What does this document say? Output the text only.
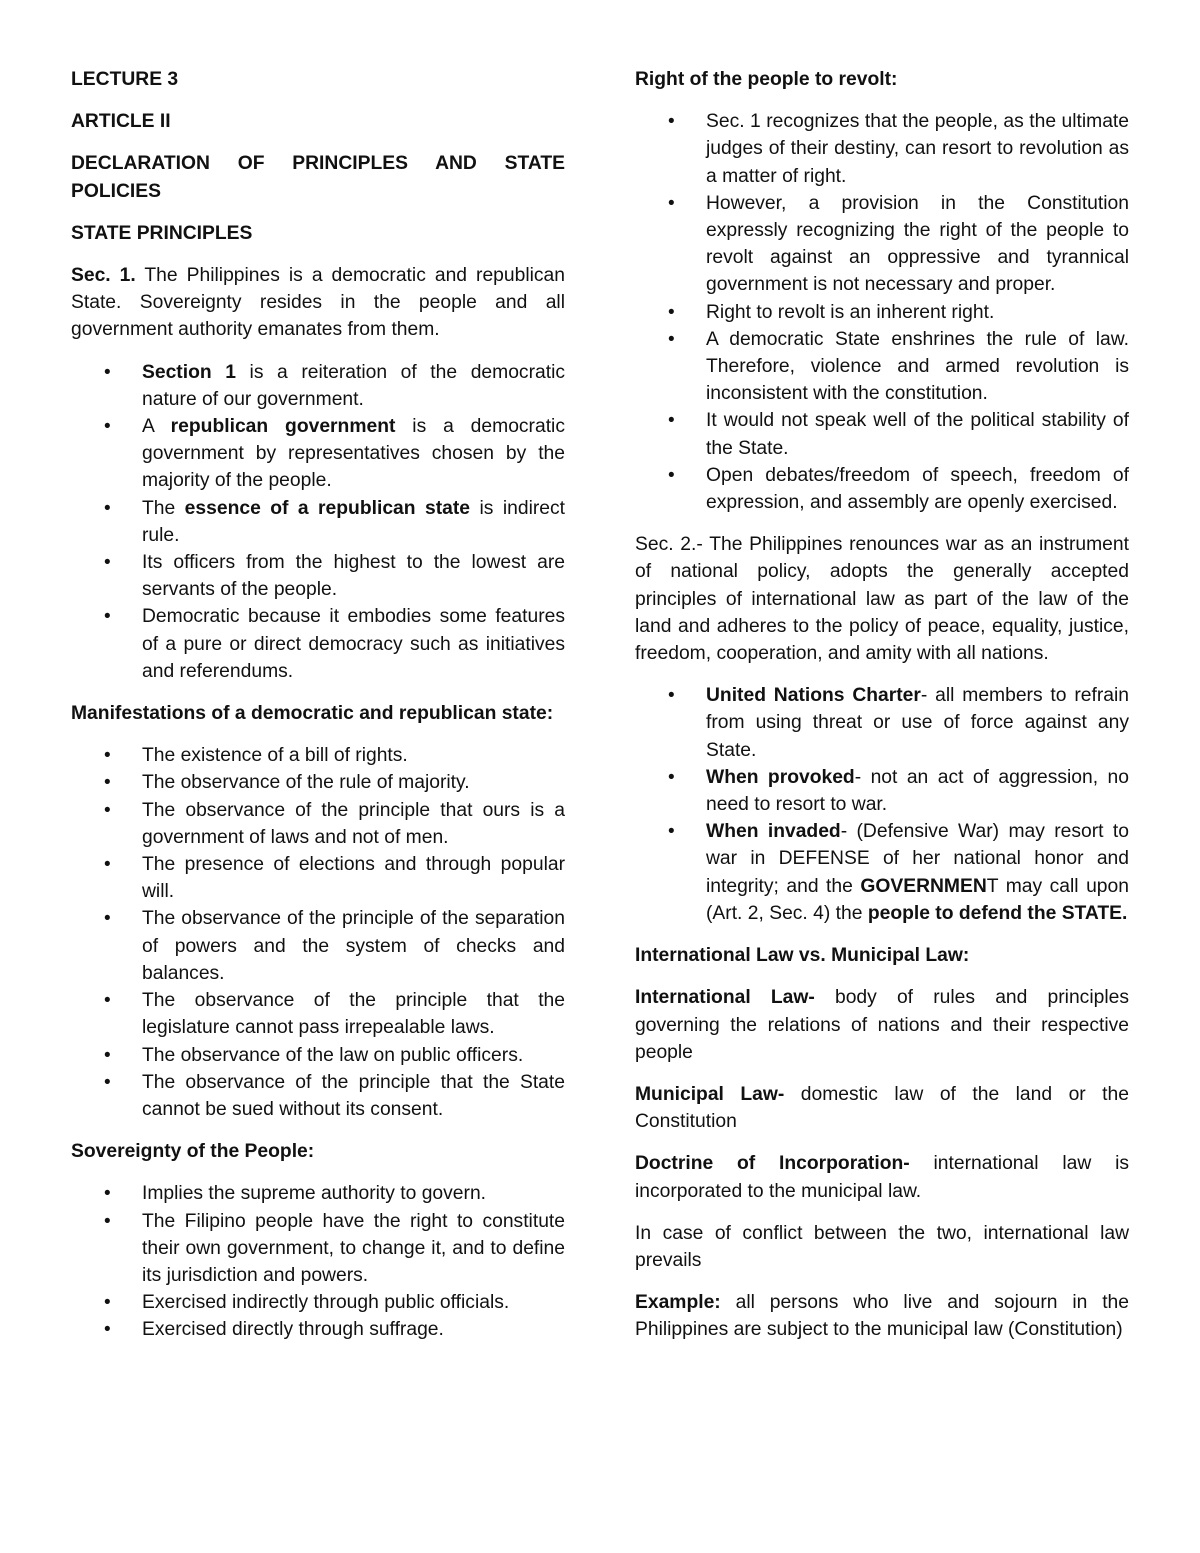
LECTURE 3

ARTICLE II

DECLARATION OF PRINCIPLES AND STATE POLICIES

STATE PRINCIPLES

Sec. 1. The Philippines is a democratic and republican State. Sovereignty resides in the people and all government authority emanates from them.

• Section 1 is a reiteration of the democratic nature of our government.
• A republican government is a democratic government by representatives chosen by the majority of the people.
• The essence of a republican state is indirect rule.
• Its officers from the highest to the lowest are servants of the people.
• Democratic because it embodies some features of a pure or direct democracy such as initiatives and referendums.

Manifestations of a democratic and republican state:

• The existence of a bill of rights.
• The observance of the rule of majority.
• The observance of the principle that ours is a government of laws and not of men.
• The presence of elections and through popular will.
• The observance of the principle of the separation of powers and the system of checks and balances.
• The observance of the principle that the legislature cannot pass irrepealable laws.
• The observance of the law on public officers.
• The observance of the principle that the State cannot be sued without its consent.

Sovereignty of the People:

• Implies the supreme authority to govern.
• The Filipino people have the right to constitute their own government, to change it, and to define its jurisdiction and powers.
• Exercised indirectly through public officials.
• Exercised directly through suffrage.

Right of the people to revolt:

• Sec. 1 recognizes that the people, as the ultimate judges of their destiny, can resort to revolution as a matter of right.
• However, a provision in the Constitution expressly recognizing the right of the people to revolt against an oppressive and tyrannical government is not necessary and proper.
• Right to revolt is an inherent right.
• A democratic State enshrines the rule of law. Therefore, violence and armed revolution is inconsistent with the constitution.
• It would not speak well of the political stability of the State.
• Open debates/freedom of speech, freedom of expression, and assembly are openly exercised.

Sec. 2.- The Philippines renounces war as an instrument of national policy, adopts the generally accepted principles of international law as part of the law of the land and adheres to the policy of peace, equality, justice, freedom, cooperation, and amity with all nations.

• United Nations Charter- all members to refrain from using threat or use of force against any State.
• When provoked- not an act of aggression, no need to resort to war.
• When invaded- (Defensive War) may resort to war in DEFENSE of her national honor and integrity; and the GOVERNMENT may call upon (Art. 2, Sec. 4) the people to defend the STATE.

International Law vs. Municipal Law:

International Law- body of rules and principles governing the relations of nations and their respective people

Municipal Law- domestic law of the land or the Constitution

Doctrine of Incorporation- international law is incorporated to the municipal law.

In case of conflict between the two, international law prevails

Example: all persons who live and sojourn in the Philippines are subject to the municipal law (Constitution)
